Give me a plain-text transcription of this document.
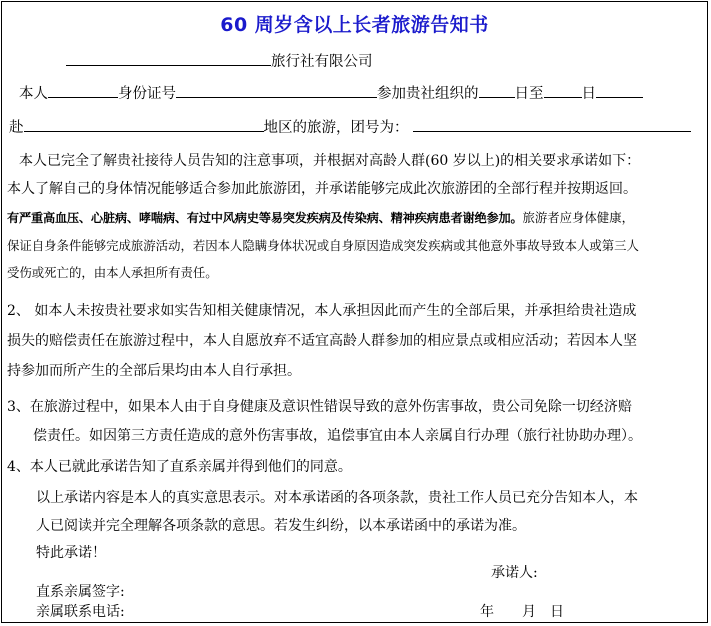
60 周岁含以上长者旅游告知书
旅行社有限公司
本人	身份证号	参加贵社组织的 日至	日
赴	地区的旅游，团号为：
本人已完全了解贵社接待人员告知的注意事项，并根据对高龄人群(60 岁以上)的相关要求承诺如下：
本人了解自己的身体情况能够适合参加此旅游团，并承诺能够完成此次旅游团的全部行程并按期返回。
有严重高血压、心脏病、哮喘病、有过中风病史等易突发疾病及传染病、精神疾病患者谢绝参加。旅游者应身体健康，
保证自身条件能够完成旅游活动，若因本人隐瞒身体状况或自身原因造成突发疾病或其他意外事故导致本人或第三人
受伤或死亡的，由本人承担所有责任。
2、 如本人未按贵社要求如实告知相关健康情况，本人承担因此而产生的全部后果，并承担给贵社造成
损失的赔偿责任在旅游过程中，本人自愿放弃不适宜高龄人群参加的相应景点或相应活动；若因本人坚
持参加而所产生的全部后果均由本人自行承担。
3、在旅游过程中，如果本人由于自身健康及意识性错误导致的意外伤害事故，贵公司免除一切经济赔
偿责任。如因第三方责任造成的意外伤害事故，追偿事宜由本人亲属自行办理（旅行社协助办理）。
4、本人已就此承诺告知了直系亲属并得到他们的同意。
以上承诺内容是本人的真实意思表示。对本承诺函的各项条款，贵社工作人员已充分告知本人，本
人已阅读并完全理解各项条款的意思。若发生纠纷，以本承诺函中的承诺为准。
特此承诺！
承诺人:
直系亲属签字:
亲属联系电话:	年　　月　日
